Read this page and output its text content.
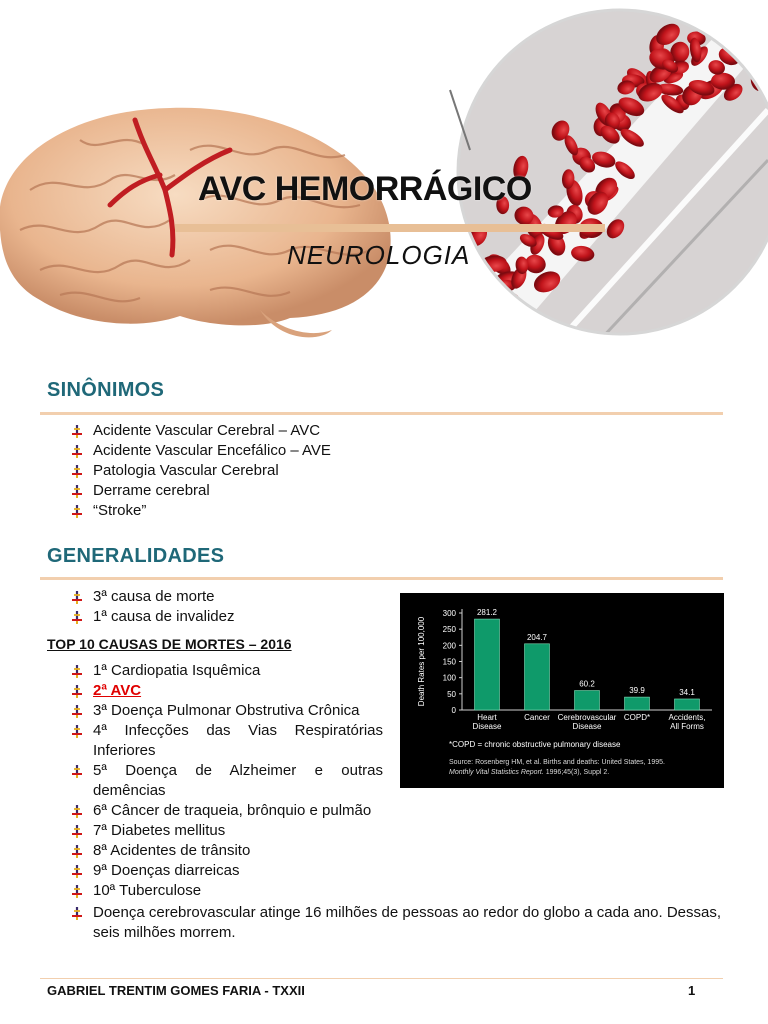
AVC HEMORRÁGICO
NEUROLOGIA
SINÔNIMOS
Acidente Vascular Cerebral – AVC
Acidente Vascular Encefálico – AVE
Patologia Vascular Cerebral
Derrame cerebral
“Stroke”
GENERALIDADES
3ª causa de morte
1ª causa de invalidez
TOP 10 CAUSAS DE MORTES – 2016
1ª Cardiopatia Isquêmica
2ª AVC
3ª Doença Pulmonar Obstrutiva Crônica
4ª Infecções das Vias Respiratórias Inferiores
5ª Doença de Alzheimer e outras demências
6ª Câncer de traqueia, brônquio e pulmão
7ª Diabetes mellitus
8ª Acidentes de trânsito
9ª Doenças diarreicas
10ª Tuberculose
Doença cerebrovascular atinge 16 milhões de pessoas ao redor do globo a cada ano. Dessas, seis milhões morrem.
0
50
100
150
200
250
300
Death Rates per 100,000
281.2
Heart
Disease
204.7
Cancer
60.2
Cerebrovascular
Disease
39.9
COPD*
34.1
Accidents,
All Forms
*COPD = chronic obstructive pulmonary disease
Source: Rosenberg HM, et al. Births and deaths: United States, 1995.
Monthly Vital Statistics Report. 1996;45(3), Suppl 2.
GABRIEL TRENTIM GOMES FARIA - TXXII	1
